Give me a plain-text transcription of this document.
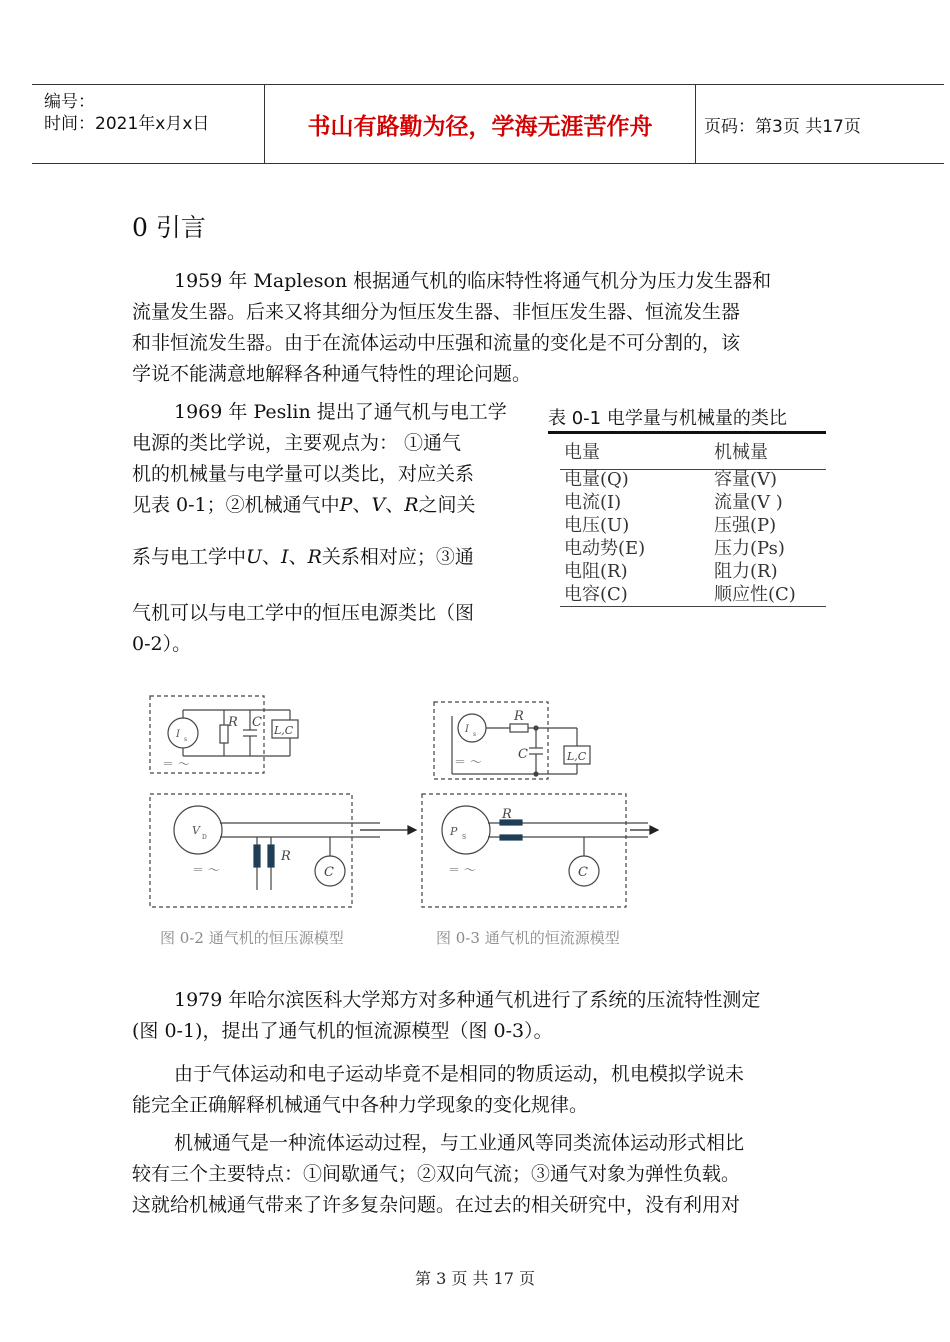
编号：
时间：2021年x月x日	书山有路勤为径，学海无涯苦作舟	页码：第3页 共17页
0 引言
1959 年 Mapleson 根据通气机的临床特性将通气机分为压力发生器和
流量发生器。后来又将其细分为恒压发生器、非恒压发生器、恒流发生器
和非恒流发生器。由于在流体运动中压强和流量的变化是不可分割的，该
学说不能满意地解释各种通气特性的理论问题。
1969 年 Peslin 提出了通气机与电工学
电源的类比学说，主要观点为： ①通气
机的机械量与电学量可以类比，对应关系
见表 0-1；②机械通气中P、V、R之间关
系与电工学中U、I、R关系相对应；③通
气机可以与电工学中的恒压电源类比（图
0-2）。
表 0-1 电学量与机械量的类比
电量	机械量
电量(Q)	容量(V)
电流(I)	流量(V )
电压(U)	压强(P)
电动势(E)	压力(Ps)
电阻(R)	阻力(R)
电容(C)	顺应性(C)
I s
R C
L,C
＝ ～
V
D
R
C
＝ ～
I s
R
C	L,C
＝ ～
P S
R
C
＝ ～
图 0-2 通气机的恒压源模型	图 0-3 通气机的恒流源模型
1979 年哈尔滨医科大学郑方对多种通气机进行了系统的压流特性测定
(图 0-1)，提出了通气机的恒流源模型（图 0-3）。
由于气体运动和电子运动毕竟不是相同的物质运动，机电模拟学说未
能完全正确解释机械通气中各种力学现象的变化规律。
机械通气是一种流体运动过程，与工业通风等同类流体运动形式相比
较有三个主要特点：①间歇通气；②双向气流；③通气对象为弹性负载。
这就给机械通气带来了许多复杂问题。在过去的相关研究中，没有利用对
第 3 页 共 17 页
